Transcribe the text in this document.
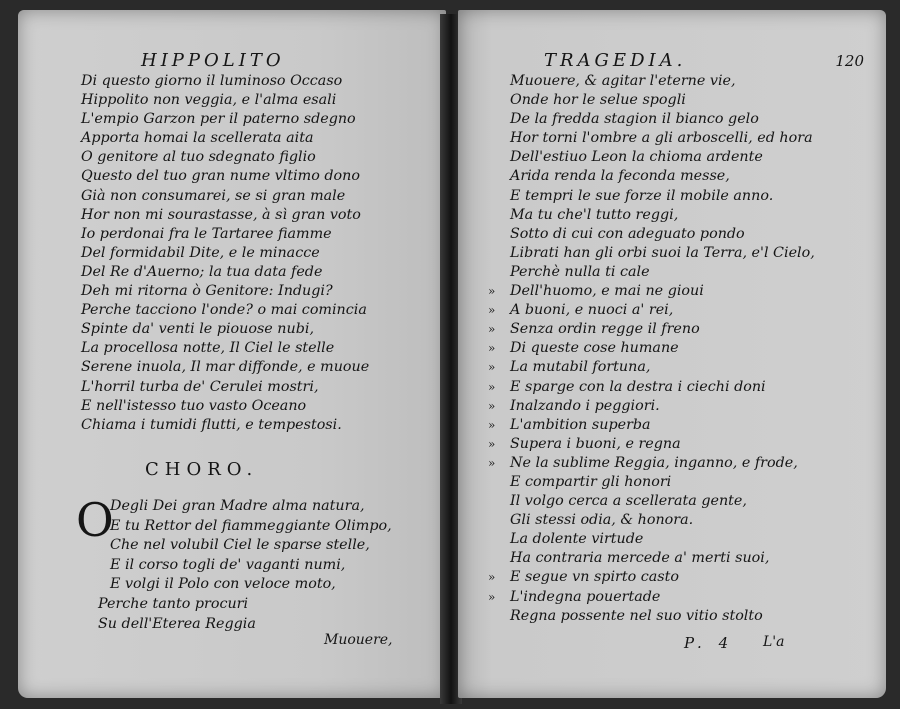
HIPPOLITO
Di questo giorno il luminoso Occaso
Hippolito non veggia, e l'alma esali
L'empio Garzon per il paterno sdegno
Apporta homai la scellerata aita
O genitore al tuo sdegnato figlio
Questo del tuo gran nume vltimo dono
Già non consumarei, se si gran male
Hor non mi sourastasse, à sì gran voto
Io perdonai fra le Tartaree fiamme
Del formidabil Dite, e le minacce
Del Re d'Auerno; la tua data fede
Deh mi ritorna ò Genitore: Indugi?
Perche tacciono l'onde? o mai comincia
Spinte da' venti le piouose nubi,
La procellosa notte, Il Ciel le stelle
Serene inuola, Il mar diffonde, e muoue
L'horril turba de' Cerulei mostri,
E nell'istesso tuo vasto Oceano
Chiama i tumidi flutti, e tempestosi.
CHORO.
O
Degli Dei gran Madre alma natura,
E tu Rettor del fiammeggiante Olimpo,
Che nel volubil Ciel le sparse stelle,
E il corso togli de' vaganti numi,
E volgi il Polo con veloce moto,
Perche tanto procuri
Su dell'Eterea Reggia
Muouere,
TRAGEDIA.	120
Muouere, & agitar l'eterne vie,
Onde hor le selue spogli
De la fredda stagion il bianco gelo
Hor torni l'ombre a gli arboscelli, ed hora
Dell'estiuo Leon la chioma ardente
Arida renda la feconda messe,
E tempri le sue forze il mobile anno.
Ma tu che'l tutto reggi,
Sotto di cui con adeguato pondo
Librati han gli orbi suoi la Terra, e'l Cielo,
Perchè nulla ti cale
» Dell'huomo, e mai ne gioui
» A buoni, e nuoci a' rei,
» Senza ordin regge il freno
» Di queste cose humane
» La mutabil fortuna,
» E sparge con la destra i ciechi doni
» Inalzando i peggiori.
» L'ambition superba
» Supera i buoni, e regna
» Ne la sublime Reggia, inganno, e frode,
E compartir gli honori
Il volgo cerca a scellerata gente,
Gli stessi odia, & honora.
La dolente virtude
Ha contraria mercede a' merti suoi,
» E segue vn spirto casto
» L'indegna pouertade
Regna possente nel suo vitio stolto
P. 4 L'a
